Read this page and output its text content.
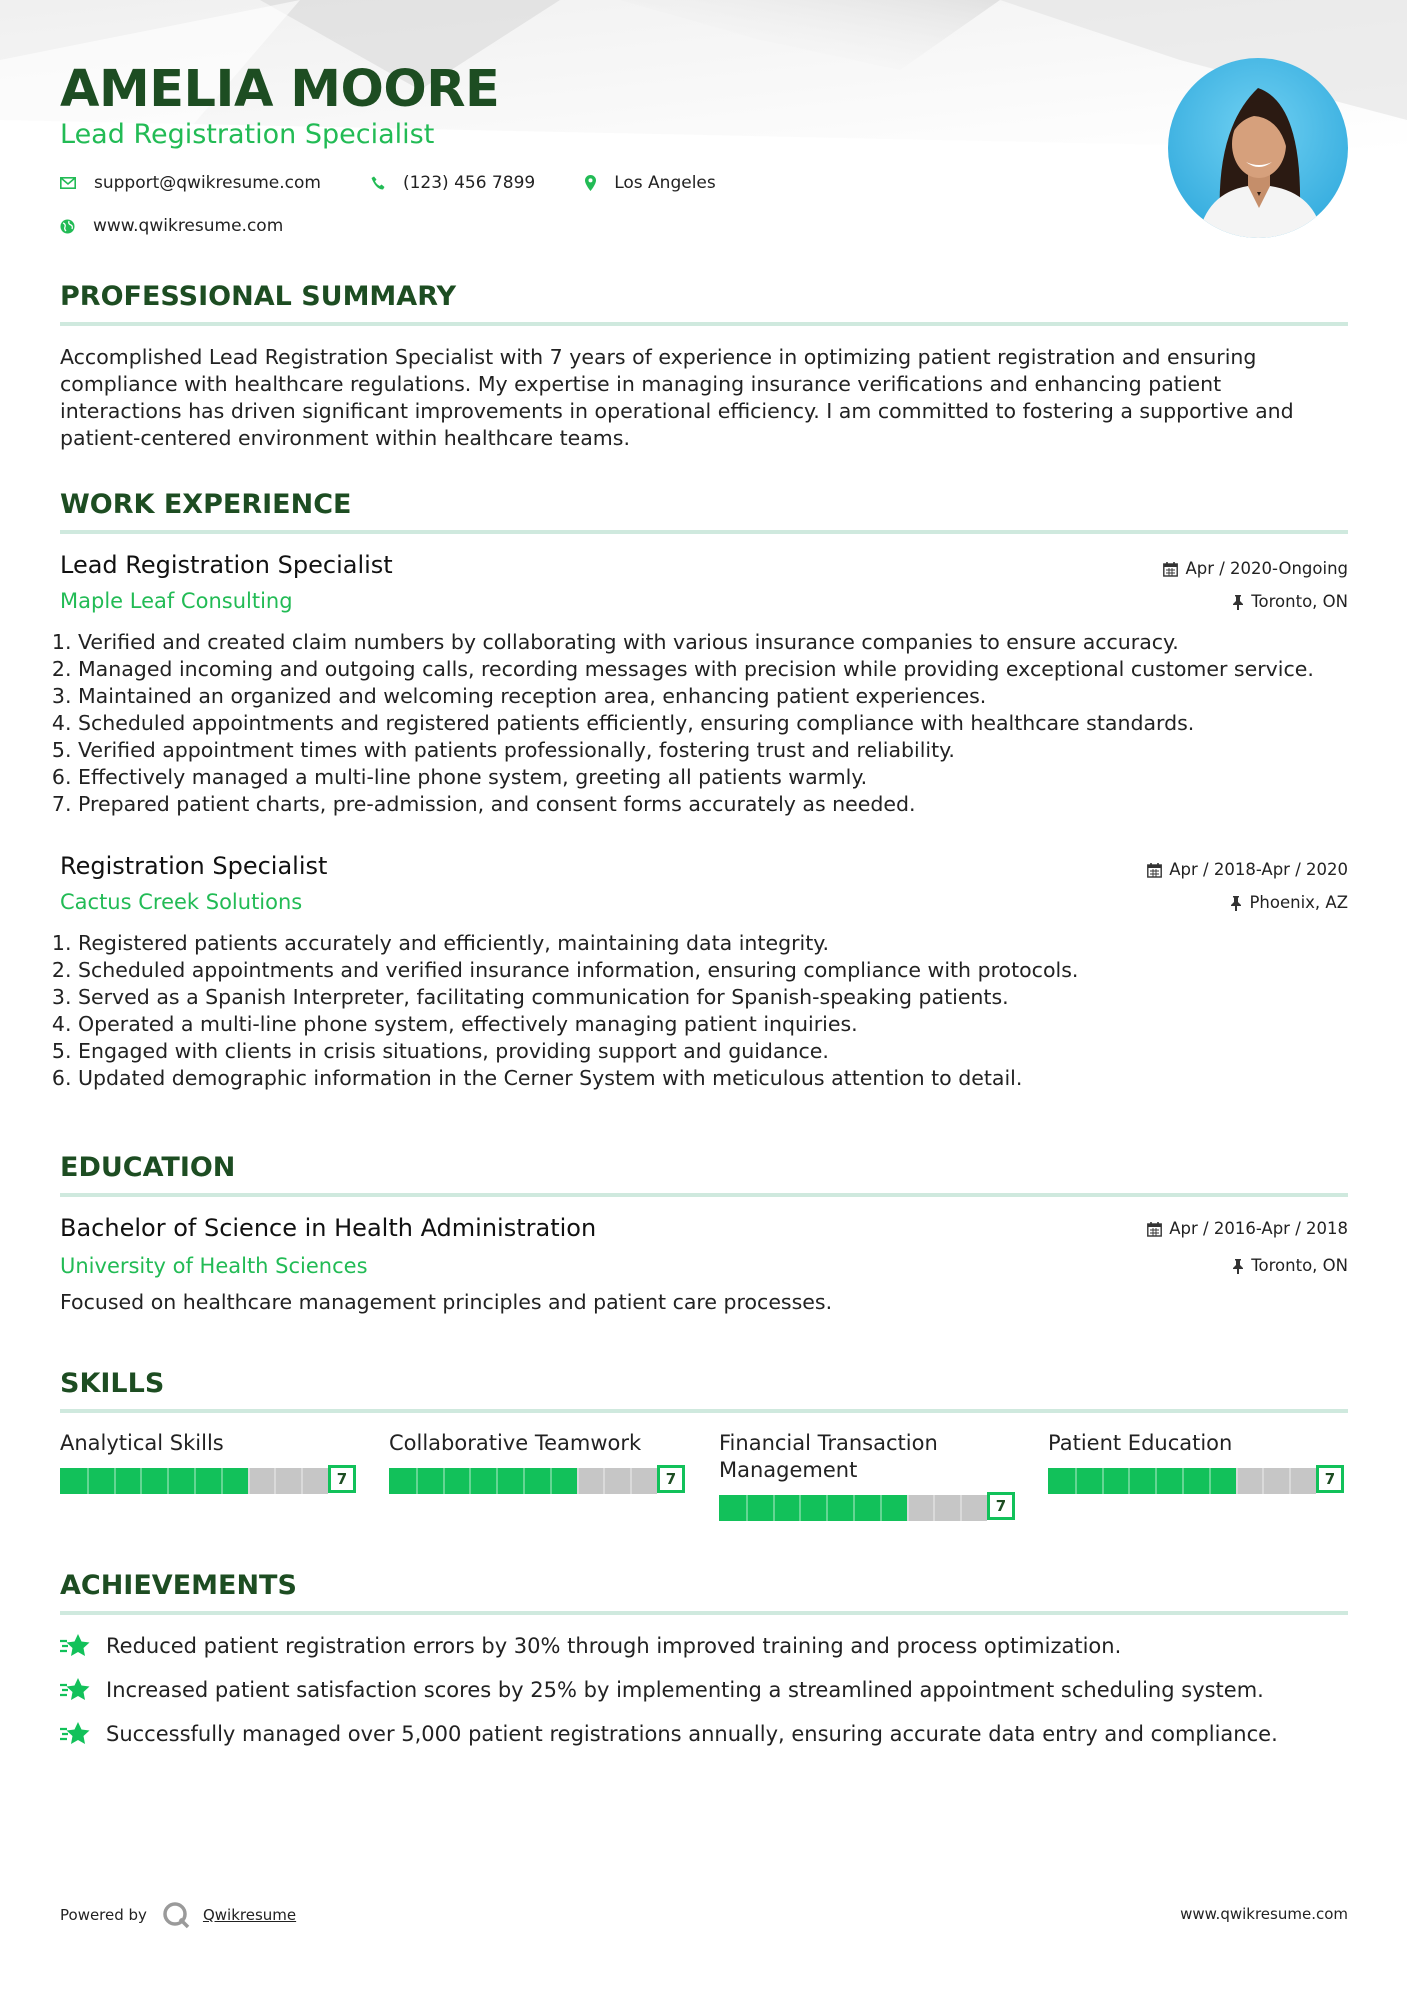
AMELIA MOORE
Lead Registration Specialist
support@qwikresume.com	(123) 456 7899	Los Angeles
www.qwikresume.com
PROFESSIONAL SUMMARY
Accomplished Lead Registration Specialist with 7 years of experience in optimizing patient registration and ensuring compliance with healthcare regulations. My expertise in managing insurance verifications and enhancing patient interactions has driven significant improvements in operational efficiency. I am committed to fostering a supportive and patient-centered environment within healthcare teams.
WORK EXPERIENCE
Lead Registration Specialist	Apr / 2020-Ongoing
Maple Leaf Consulting	Toronto, ON
1. Verified and created claim numbers by collaborating with various insurance companies to ensure accuracy.
2. Managed incoming and outgoing calls, recording messages with precision while providing exceptional customer service.
3. Maintained an organized and welcoming reception area, enhancing patient experiences.
4. Scheduled appointments and registered patients efficiently, ensuring compliance with healthcare standards.
5. Verified appointment times with patients professionally, fostering trust and reliability.
6. Effectively managed a multi-line phone system, greeting all patients warmly.
7. Prepared patient charts, pre-admission, and consent forms accurately as needed.
Registration Specialist	Apr / 2018-Apr / 2020
Cactus Creek Solutions	Phoenix, AZ
1. Registered patients accurately and efficiently, maintaining data integrity.
2. Scheduled appointments and verified insurance information, ensuring compliance with protocols.
3. Served as a Spanish Interpreter, facilitating communication for Spanish-speaking patients.
4. Operated a multi-line phone system, effectively managing patient inquiries.
5. Engaged with clients in crisis situations, providing support and guidance.
6. Updated demographic information in the Cerner System with meticulous attention to detail.
EDUCATION
Bachelor of Science in Health Administration	Apr / 2016-Apr / 2018
University of Health Sciences	Toronto, ON
Focused on healthcare management principles and patient care processes.
SKILLS
Analytical Skills
7
Collaborative Teamwork
7
Financial Transaction Management
7
Patient Education
7
ACHIEVEMENTS
Reduced patient registration errors by 30% through improved training and process optimization.
Increased patient satisfaction scores by 25% by implementing a streamlined appointment scheduling system.
Successfully managed over 5,000 patient registrations annually, ensuring accurate data entry and compliance.
Powered by	Qwikresume	www.qwikresume.com
